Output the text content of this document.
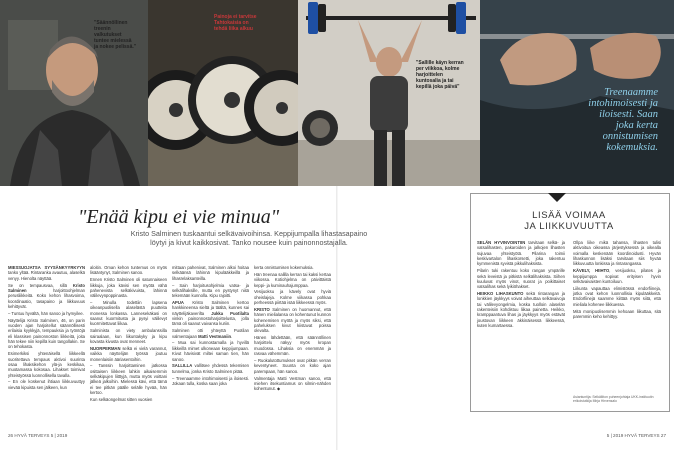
"Säännöllinen
treenin
valkutukset
tuntee mielessä
ja nokee pelissä."
Painoja ei tarvitse
Tahtokaisia on
tehdä liika alkuu
"Sallille käyn kerran
per viikkoa, kolme
harjoittelen
kuntosalia ja tai
kepillä joka päivä"	Treenaamme
intohimoisesti ja
iloisesti. Saan
joka kerta
onnistumisen
kokemuksia.
"Enää kipu ei vie minua"
Kristo Salminen tuskaantui selkävaivoihinsa. Keppijumpalla lihastasapaino
löytyi ja kivut kaikkosivat. Tanko nousee kuin painonnostajalla.

MIESSUOJATSA SYYSÄNKYYRKYYN tanko yltää. Rintaranka avautuu, alaselkä venyy. Hienolta näyttää.

Se on tempausvaa, sillä Kristo Salminen harjoittoohjelman perusliikkeitä. Koko kehon lihasvoima, koordinaatio, tasapaino ja liikkuvuus kehittyvät.

– Tuntuu hyvältä, hän sanoo ja hymyilee.

Näyttelijä Kristo Salminen, 46, on parin vuoden ajan harjoitellut säännöllisesti erilaisia kyykkyjä, tempauksia ja työntöjä eli klassisen painonnoston liikkeitä, joita hän tekee niin kepillä kuin tangollakin. Se on tehokasta.

Esimerkiksi yhtenäisellä liikkeellä suoritettava tempaus aktivoi suurinta osaa lihaksikehon ylä-ja keskikaa, muotamassa kokosaa. Lihakset toimivat yhteistyössä luonnollisella tavalla.

– En ole koskenut ihtiaan liikkuvuuttyy vievää kipuista sen jälkeen, kun

aloitin. Oman kehon tuntemus on myös lisääntynyt, Salminen sanoo.

Ennen Kristo Salminen oli satunnaiseen liikkuja, joka kävisi sen myötä vähä pahenevista selkäkivuista, lähinnä välilevynpoppinasta.

– Minulla todettiin lapsena oikeanpuolisella alaselästä puutteita monessa lonkassa. Lannesekäkasi on saanut kuormitusta ja pysyi välilevyt kuormitettavat liikaa.

Salminista on viety ambulanssilla sairaalaan, kun liikuntakyky ja kipu kovasta kivusta ovat menneet.

NUORPERMAN selkä ei vielä varannut, vaikka näyttelijän työssä joutuu monenlaisiin ääriasentoihin.

– Tanssin harjoittaminen jatkossa osittaisen liikkeen lahkin aikaisemmin selkäkipujen liitttyjä, mutta myös voittani jälkeä jalkoihin. Mielessä kävi, että tämä ei tee pitkän päälle selälle hyvää, hän kertoo.

Kun selkäongelmat sitten vuosien

mittaan pahenivat, Salminen alkoi hoitaa selkäänsä lähinnä kipulääkkeillä ja lihasrelaksanteilla.

– Sain harjoitusohjelmia vatsa- ja selkälihaksille, mutta en pystynyt niitä tekemään kunnolla. Kipu rajoitti.

APUA Kristo Salminen kertoo hankkineensa sieltä ja täältä, kunnes sai näyttelijäkaverilta Jukka Puotilalta vinkin painonnostoharjoittelusta, jolla tämä oli saanut vaivansa kuriin.

Salminen otti yhteyttä Puotilan valmentajaan Matti Vestmaniin.

– Mua sai kunnostamalla ja hyvillä liikkeillä mimet ulkoneaan keppijumpaan. Kivut hävisivät miltei saman tien, hän sanoo.

SALLILLA vallitsee yhdessä tekemisen tunnelma, jonka Kristo Salminen pitää.

– Treenaamme intohimoisesti ja iloisesti. Jokaan tulla, koska saan joka

kerta onnistumisen kokemuksia.

Hän treenaa salilla kerran tai kaksi kertaa viikossa. Kotiohjelma on päivittäistä keppi- ja kuminauhajumppaa.

Vesijuoksu ja kävely ovat hyviä oheislajeja. Kolme viikassa pohkaa perheessä piirtää isää liikkeessä myös.

KRISTO Salminen on huomannut, että hänen mielialansa on kohentunut kunnon kohenemisen myötä ja myös siksi, että paheluksen kivut kiistavat poissa olevalta.

Hänen lähdettään, että säännöllinen harjoittelu näkyy myös kropan muodossa. Lihaksia on enemmän ja rasvaa vähemmän.

– Ruokalutottumukset ovat pitkän verran keventyneet. Suunta on koko ajan parempaan, hän sanoo.

Valmentaja Matti Vestman sanoo, että miehen itsekuntiamus on silmin-nähden kohentunut. ◆

LISÄÄ VOIMAA
JA LIIKKUVUUTTA

SELÄN HYVINVOINTIIN tarvitaan selkä- ja vatsalihasten, pakaroiden ja jalkojen lihasten sujuvaa yhteistyötä. Pilarina toimii keskivartalon lihaskorsetti, joka rakentuu kymmenistä syvistä pikkulihaksista.

Pilarin tuki rakentuu koko rangan ympärille sekä leveistä ja pitkistä selkälihaksista. Siihen kuuluvat myös vinot, suorat ja poikittaiset vatsalihas sekä lyikiöhakset.

HEIKKO LIHASKUNTO sekä rintarangan ja lonkkien jäykkyys voivat aiheuttaa selkävaivoja tai välilevyongelmia, koska tuolloin alaselän rakenteisiin kohdistuu liikaa painetta. Heikko, kramppaantuva lihas ja jäykkyys myös estävät joustovan liikkeen äkkinäisessä liikkeessä, kuten kumartaessa.

Ollpa liike mikä tahansa, lihasten tulisi aktivoitua oikeassa järjestyksessä ja oikealla voimalla keskenään koordinoidusti. Hyvän lihaskunnon lisäksi tarvitaan siis hyvää liikkuvuutta lonkissa ja rintarangassa.

KÄVELY, HIIHTO, vesijuoksu, pilates ja keppijumppa sopivat erityisen hyvin selkävaivaisten kuntoiluun.

Liikunta vapauttaa elimistössä endorfiineja, jotka ovat kehon luonnollisia kipulääkkeitä. Endorfiinejä saamme kiittää myös siitä, että mieliala kohenee liikkuessa.

Mitä monipuolisemmin kehoaan liikuttaa, sitä paremmin keho kehittyy.

Asiantuntija: Selkäliiton puheenjohtaja UKK-instituutin erikoistutkija Mirja Hirvensalo
26 HYVÄ TERVEYS 5 | 2019	5 | 2019 HYVÄ TERVEYS 27
